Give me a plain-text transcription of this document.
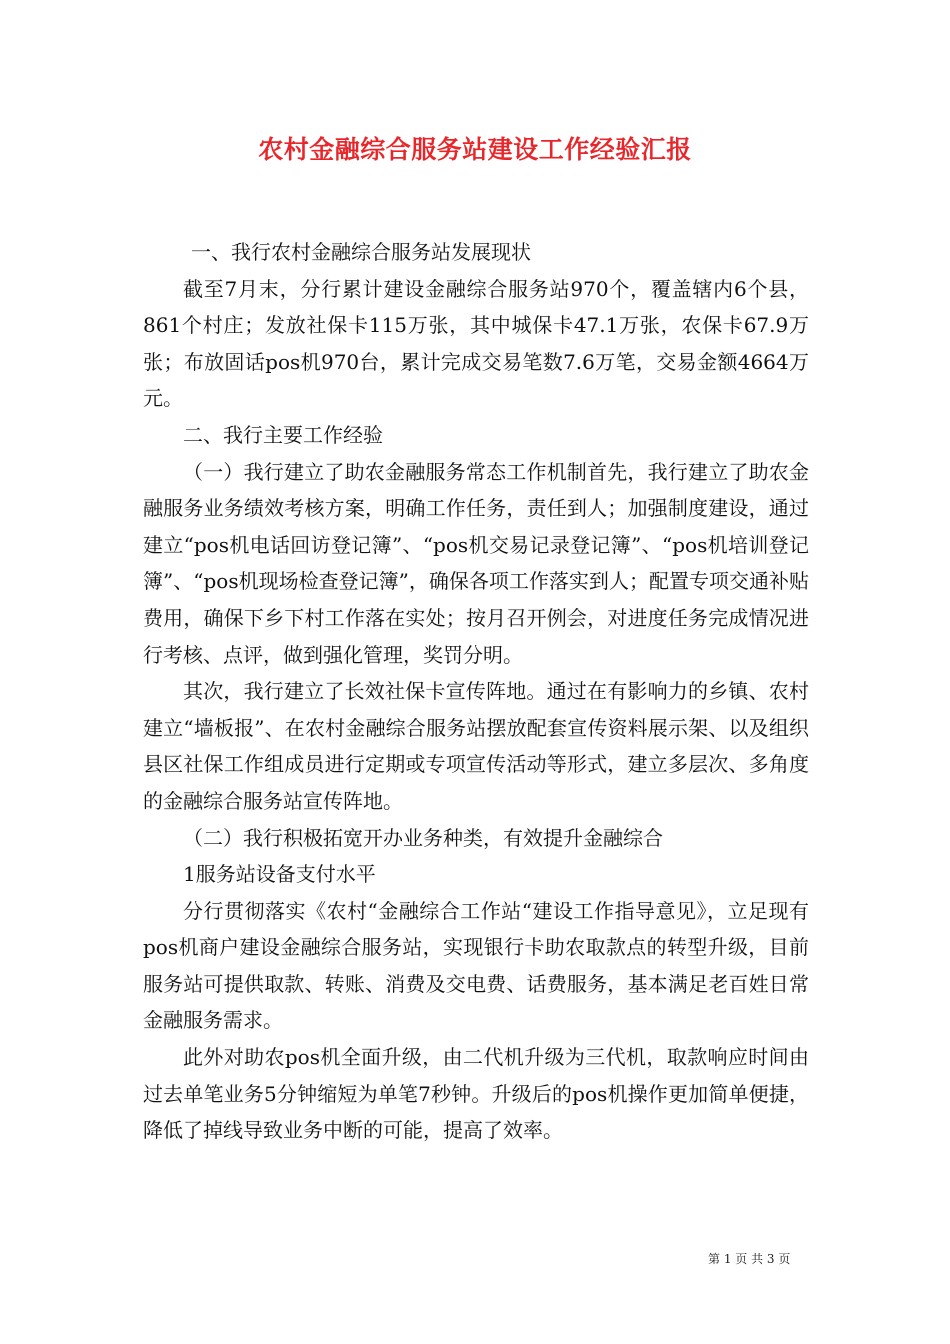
农村金融综合服务站建设工作经验汇报

一、我行农村金融综合服务站发展现状

截至7月末，分行累计建设金融综合服务站970个，覆盖辖内6个县，861个村庄；发放社保卡115万张，其中城保卡47.1万张，农保卡67.9万张；布放固话pos机970台，累计完成交易笔数7.6万笔，交易金额4664万元。

二、我行主要工作经验

（一）我行建立了助农金融服务常态工作机制首先，我行建立了助农金融服务业务绩效考核方案，明确工作任务，责任到人；加强制度建设，通过建立“pos机电话回访登记簿”、“pos机交易记录登记簿”、“pos机培训登记簿”、“pos机现场检查登记簿”，确保各项工作落实到人；配置专项交通补贴费用，确保下乡下村工作落在实处；按月召开例会，对进度任务完成情况进行考核、点评，做到强化管理，奖罚分明。

其次，我行建立了长效社保卡宣传阵地。通过在有影响力的乡镇、农村建立“墙板报”、在农村金融综合服务站摆放配套宣传资料展示架、以及组织县区社保工作组成员进行定期或专项宣传活动等形式，建立多层次、多角度的金融综合服务站宣传阵地。

（二）我行积极拓宽开办业务种类，有效提升金融综合

1服务站设备支付水平

分行贯彻落实《农村“金融综合工作站“建设工作指导意见》，立足现有pos机商户建设金融综合服务站，实现银行卡助农取款点的转型升级，目前服务站可提供取款、转账、消费及交电费、话费服务，基本满足老百姓日常金融服务需求。

此外对助农pos机全面升级，由二代机升级为三代机，取款响应时间由过去单笔业务5分钟缩短为单笔7秒钟。升级后的pos机操作更加简单便捷，降低了掉线导致业务中断的可能，提高了效率。

第 1 页 共 3 页
